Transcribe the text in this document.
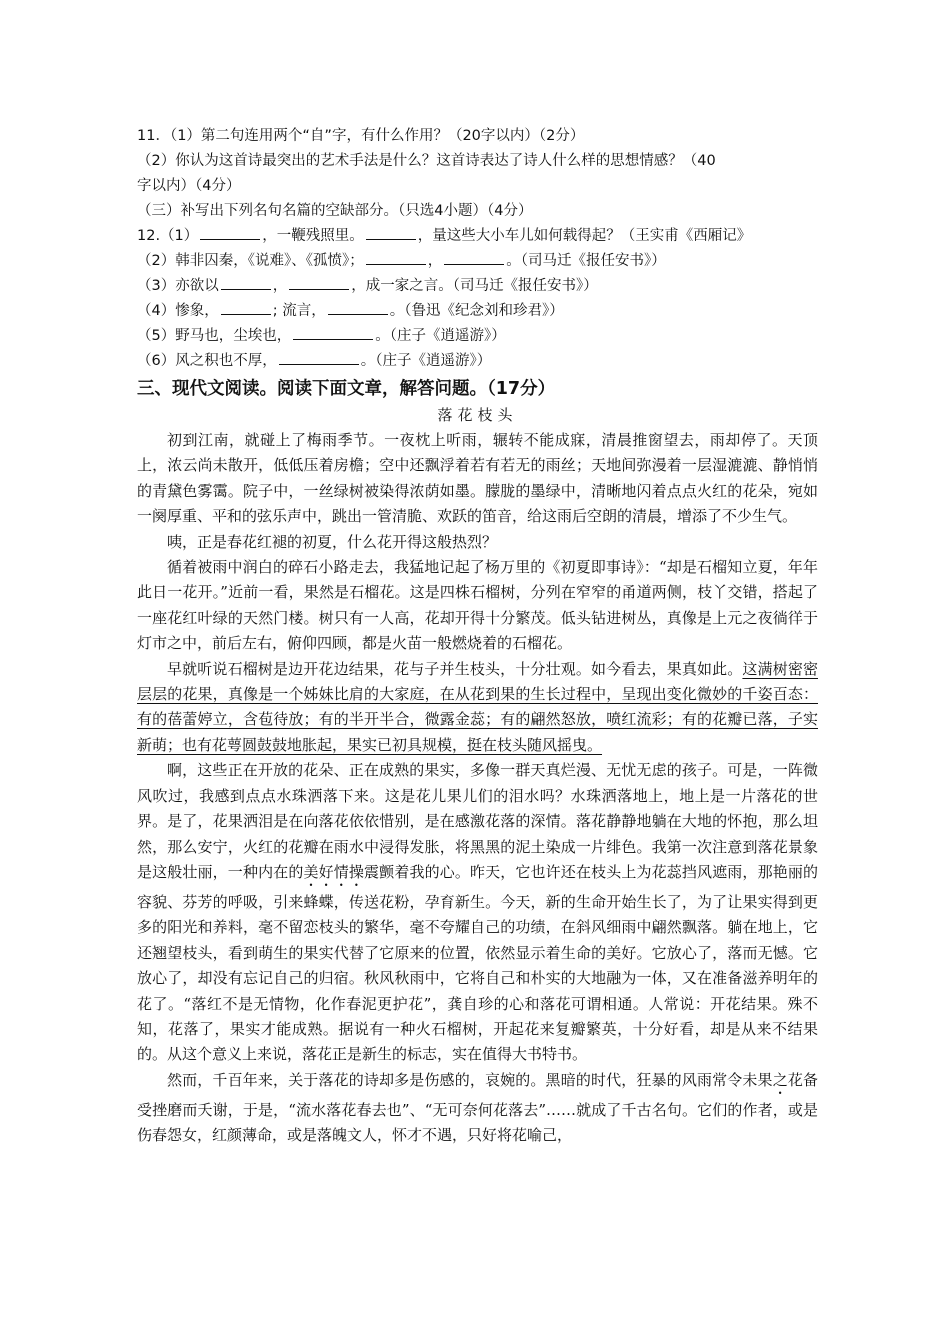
11．（1）第二句连用两个“自”字，有什么作用？（20字以内）（2分）
（2）你认为这首诗最突出的艺术手法是什么？这首诗表达了诗人什么样的思想情感？（40
字以内）（4分）
（三）补写出下列名句名篇的空缺部分。（只选4小题）（4分）
12.（1）	，一鞭残照里。	，量这些大小车儿如何载得起？（王实甫《西厢记》
（2）韩非囚秦，《说难》、《孤愤》；	，	。（司马迁《报任安书》）
（3）亦欲以	，	，成一家之言。（司马迁《报任安书》）
（4）惨象，	; 流言，	。（鲁迅《纪念刘和珍君》）
（5）野马也，尘埃也，	。（庄子《逍遥游》）
（6）风之积也不厚，	。（庄子《逍遥游》）
三、现代文阅读。阅读下面文章，解答问题。（17分）
落花枝头

初到江南，就碰上了梅雨季节。一夜枕上听雨，辗转不能成寐，清晨推窗望去，雨却停了。天顶上，浓云尚未散开，低低压着房檐；空中还飘浮着若有若无的雨丝；天地间弥漫着一层湿漉漉、静悄悄的青黛色雾霭。院子中，一丝绿树被染得浓荫如墨。朦胧的墨绿中，清晰地闪着点点火红的花朵，宛如一阕厚重、平和的弦乐声中，跳出一管清脆、欢跃的笛音，给这雨后空朗的清晨，增添了不少生气。

咦，正是春花红褪的初夏，什么花开得这般热烈？

循着被雨中润白的碎石小路走去，我猛地记起了杨万里的《初夏即事诗》：“却是石榴知立夏，年年此日一花开。”近前一看，果然是石榴花。这是四株石榴树，分列在窄窄的甬道两侧，枝丫交错，搭起了一座花红叶绿的天然门楼。树只有一人高，花却开得十分繁茂。低头钻进树丛，真像是上元之夜徜徉于灯市之中，前后左右，俯仰四顾，都是火苗一般燃烧着的石榴花。

早就听说石榴树是边开花边结果，花与子并生枝头，十分壮观。如今看去，果真如此。这满树密密层层的花果，真像是一个姊妹比肩的大家庭，在从花到果的生长过程中，呈现出变化微妙的千姿百态：有的蓓蕾婷立，含苞待放；有的半开半合，微露金蕊；有的翩然怒放，喷红流彩；有的花瓣已落，子实新萌；也有花萼圆鼓鼓地胀起，果实已初具规模，挺在枝头随风摇曳。

啊，这些正在开放的花朵、正在成熟的果实，多像一群天真烂漫、无忧无虑的孩子。可是，一阵微风吹过，我感到点点水珠洒落下来。这是花儿果儿们的泪水吗？水珠洒落地上，地上是一片落花的世界。是了，花果洒泪是在向落花依依惜别，是在感激花落的深情。落花静静地躺在大地的怀抱，那么坦然，那么安宁，火红的花瓣在雨水中浸得发胀，将黑黑的泥土染成一片绯色。我第一次注意到落花景象是这般壮丽，一种内在的美好情操震颤着我的心。昨天，它也许还在枝头上为花蕊挡风遮雨，那艳丽的容貌、芬芳的呼吸，引来蜂蝶，传送花粉，孕育新生。今天，新的生命开始生长了，为了让果实得到更多的阳光和养料，毫不留恋枝头的繁华，毫不夸耀自己的功绩，在斜风细雨中翩然飘落。躺在地上，它还翘望枝头，看到萌生的果实代替了它原来的位置，依然显示着生命的美好。它放心了，落而无憾。它放心了，却没有忘记自己的归宿。秋风秋雨中，它将自己和朴实的大地融为一体，又在准备滋养明年的花了。“落红不是无情物，化作春泥更护花”，龚自珍的心和落花可谓相通。人常说：开花结果。殊不知，花落了，果实才能成熟。据说有一种火石榴树，开起花来复瓣繁英，十分好看，却是从来不结果的。从这个意义上来说，落花正是新生的标志，实在值得大书特书。

然而，千百年来，关于落花的诗却多是伤感的，哀婉的。黑暗的时代，狂暴的风雨常令未果之花备受挫磨而夭谢，于是，“流水落花春去也”、“无可奈何花落去”……就成了千古名句。它们的作者，或是伤春怨女，红颜薄命，或是落魄文人，怀才不遇，只好将花喻己，
